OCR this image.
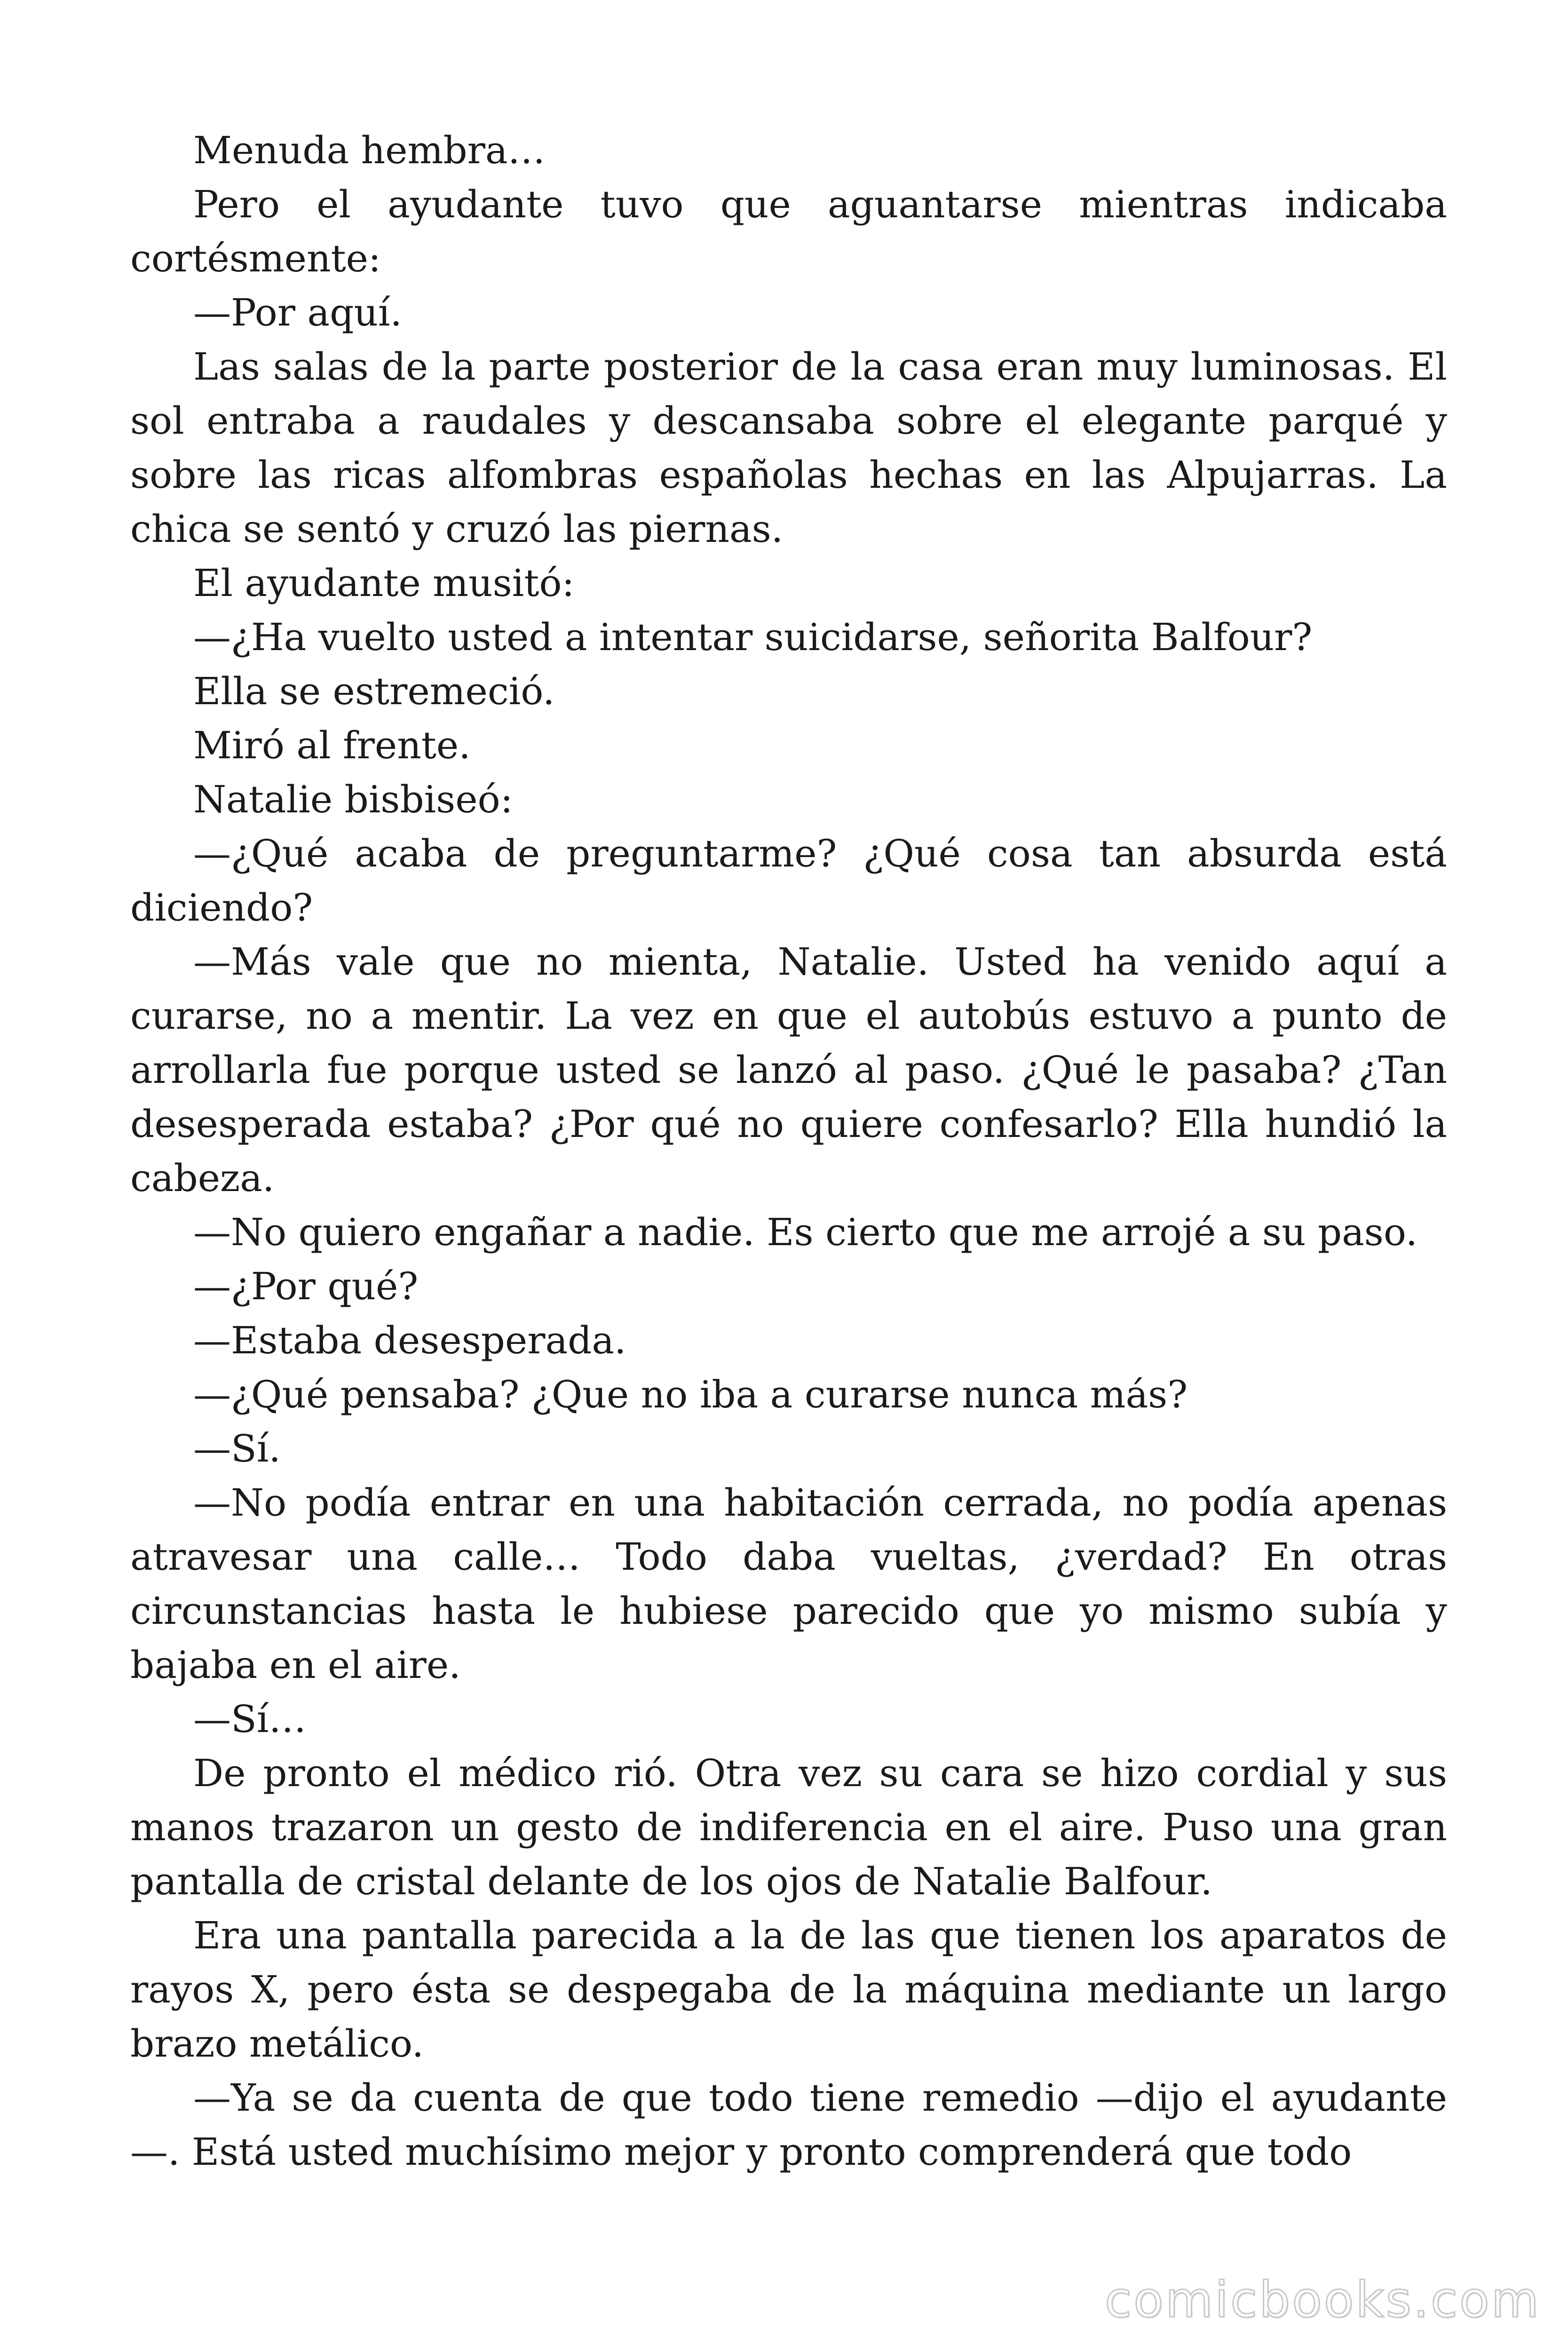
Menuda hembra…

Pero el ayudante tuvo que aguantarse mientras indicaba cortésmente:

—Por aquí.

Las salas de la parte posterior de la casa eran muy luminosas. El sol entraba a raudales y descansaba sobre el elegante parqué y sobre las ricas alfombras españolas hechas en las Alpujarras. La chica se sentó y cruzó las piernas.

El ayudante musitó:

—¿Ha vuelto usted a intentar suicidarse, señorita Balfour?

Ella se estremeció.

Miró al frente.

Natalie bisbiseó:

—¿Qué acaba de preguntarme? ¿Qué cosa tan absurda está diciendo?

—Más vale que no mienta, Natalie. Usted ha venido aquí a curarse, no a mentir. La vez en que el autobús estuvo a punto de arrollarla fue porque usted se lanzó al paso. ¿Qué le pasaba? ¿Tan desesperada estaba? ¿Por qué no quiere confesarlo? Ella hundió la cabeza.

—No quiero engañar a nadie. Es cierto que me arrojé a su paso.

—¿Por qué?

—Estaba desesperada.

—¿Qué pensaba? ¿Que no iba a curarse nunca más?

—Sí.

—No podía entrar en una habitación cerrada, no podía apenas atravesar una calle… Todo daba vueltas, ¿verdad? En otras circunstancias hasta le hubiese parecido que yo mismo subía y bajaba en el aire.

—Sí…

De pronto el médico rió. Otra vez su cara se hizo cordial y sus manos trazaron un gesto de indiferencia en el aire. Puso una gran pantalla de cristal delante de los ojos de Natalie Balfour.

Era una pantalla parecida a la de las que tienen los aparatos de rayos X, pero ésta se despegaba de la máquina mediante un largo brazo metálico.

—Ya se da cuenta de que todo tiene remedio —dijo el ayudante —. Está usted muchísimo mejor y pronto comprenderá que todo

comicbooks.com
